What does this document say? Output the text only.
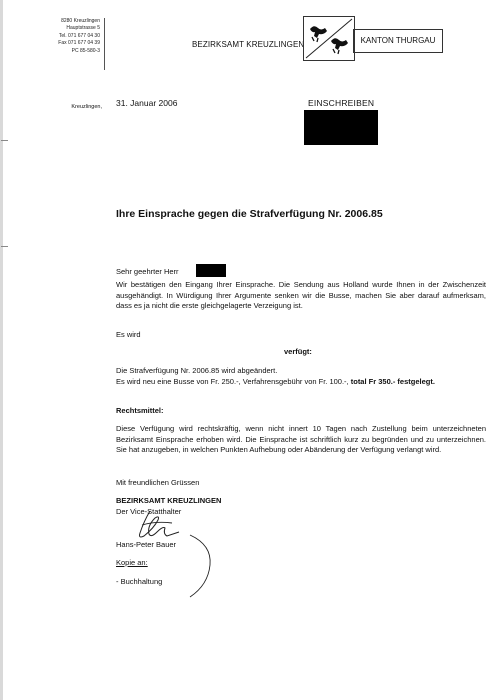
8280 Kreuzlingen
Hauptstrasse 5
Tel. 071 677 04 30
Fax 071 677 04 39
PC 85-580-3
BEZIRKSAMT KREUZLINGEN	KANTON THURGAU
Kreuzlingen, 31. Januar 2006	EINSCHREIBEN
Ihre Einsprache gegen die Strafverfügung Nr. 2006.85
Sehr geehrter Herr
Wir bestätigen den Eingang Ihrer Einsprache. Die Sendung aus Holland wurde Ihnen in der Zwischenzeit ausgehändigt. In Würdigung Ihrer Argumente senken wir die Busse, machen Sie aber darauf aufmerksam, dass es ja nicht die erste gleichgelagerte Verzeigung ist.
Es wird
verfügt:
Die Strafverfügung Nr. 2006.85 wird abgeändert.
Es wird neu eine Busse von Fr. 250.-, Verfahrensgebühr von Fr. 100.-, total Fr 350.- festgelegt.
Rechtsmittel:
Diese Verfügung wird rechtskräftig, wenn nicht innert 10 Tagen nach Zustellung beim unterzeichneten Bezirksamt Einsprache erhoben wird. Die Einsprache ist schriftlich kurz zu begründen und zu unterzeichnen. Sie hat anzugeben, in welchen Punkten Aufhebung oder Abänderung der Verfügung verlangt wird.
Mit freundlichen Grüssen
BEZIRKSAMT KREUZLINGEN
Der Vice-Statthalter
Hans-Peter Bauer
Kopie an:
- Buchhaltung
